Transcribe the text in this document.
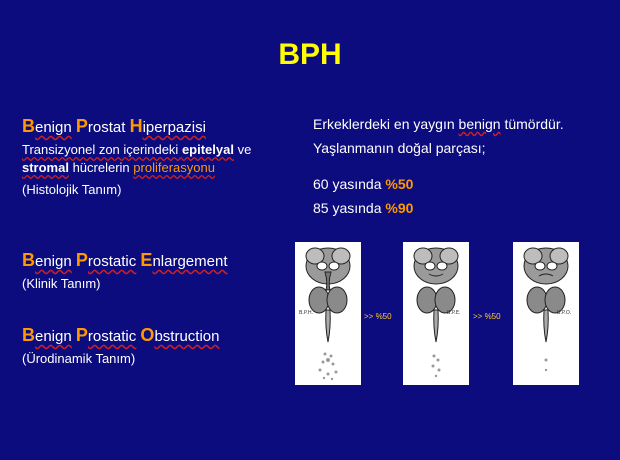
BPH
Benign Prostat Hiperpazisi
Transizyonel zon içerindeki epitelyal ve
stromal hücrelerin proliferasyonu
(Histolojik Tanım)
Benign Prostatic Enlargement
(Klinik Tanım)
Benign Prostatic Obstruction
(Ürodinamik Tanım)
Erkeklerdeki en yaygın benign tümördür.
Yaşlanmanın doğal parçası;
60 yasında %50
85 yasında %90
B.P.H.	>> %50	B.P.E. >> %50	B.P.O.
